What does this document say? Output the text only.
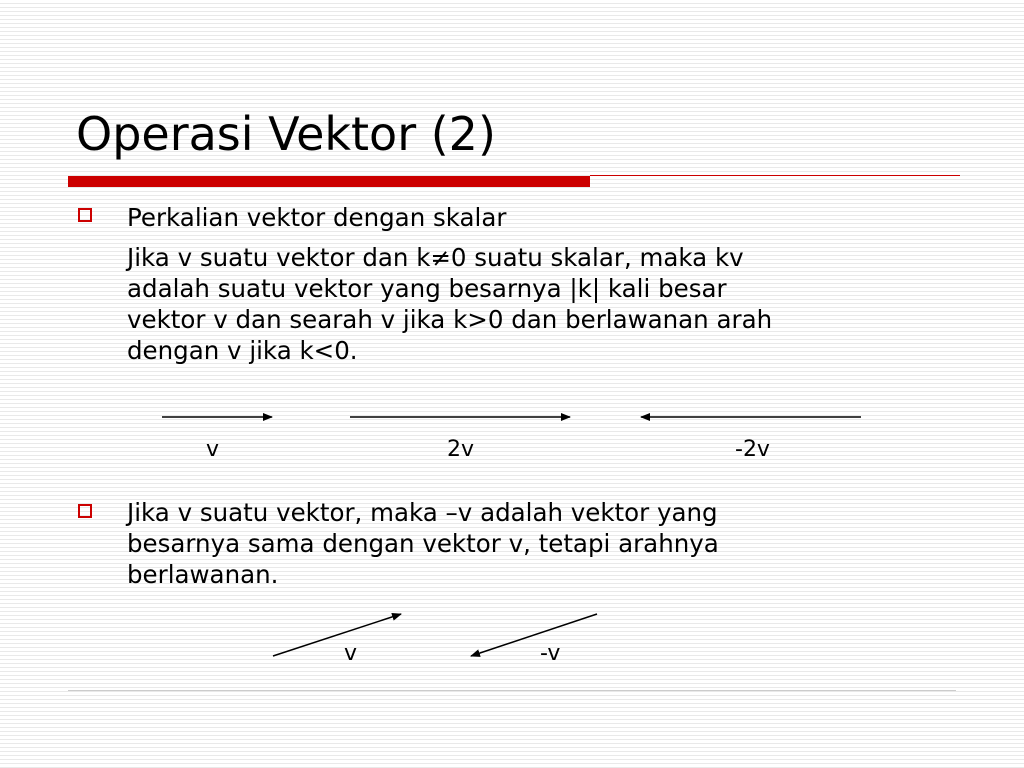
Operasi Vektor (2)
Perkalian vektor dengan skalar
Jika v suatu vektor dan k≠0 suatu skalar, maka kv
adalah suatu vektor yang besarnya |k| kali besar
vektor v dan searah v jika k>0 dan berlawanan arah
dengan v jika k<0.
v	2v	-2v
Jika v suatu vektor, maka –v adalah vektor yang
besarnya sama dengan vektor v, tetapi arahnya
berlawanan.
v	-v
